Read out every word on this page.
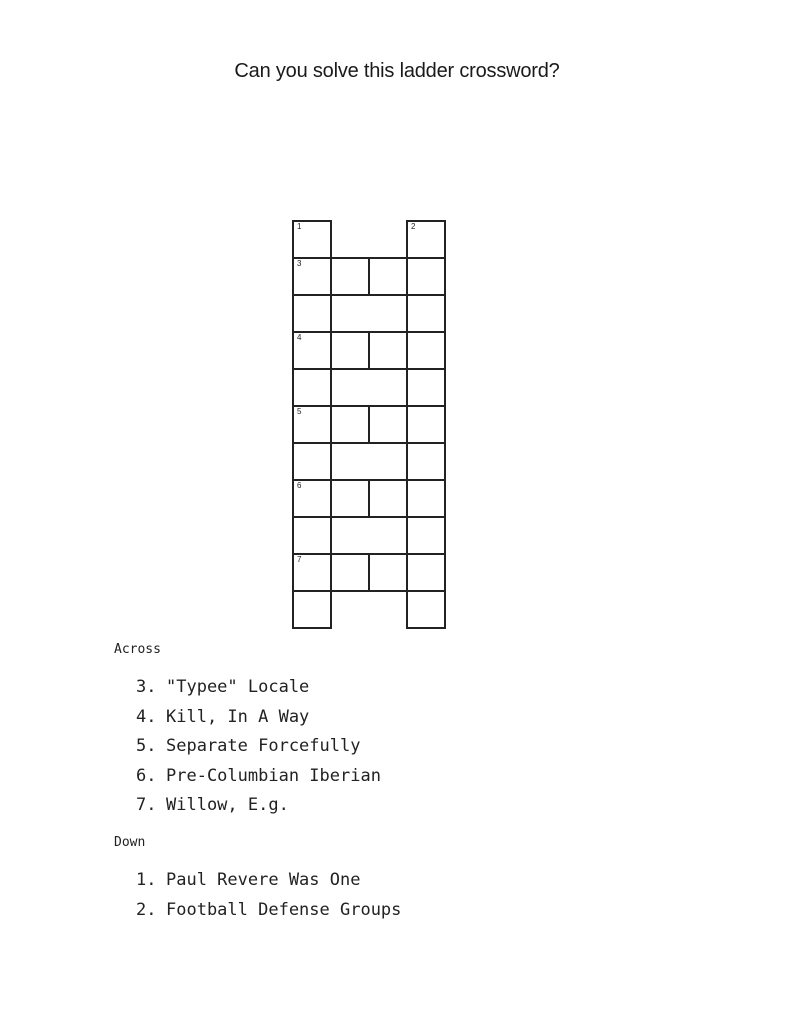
Can you solve this ladder crossword?
1	2
3
4
5
6
7
Across
3. "Typee" Locale
4. Kill, In A Way
5. Separate Forcefully
6. Pre-Columbian Iberian
7. Willow, E.g.
Down
1. Paul Revere Was One
2. Football Defense Groups
